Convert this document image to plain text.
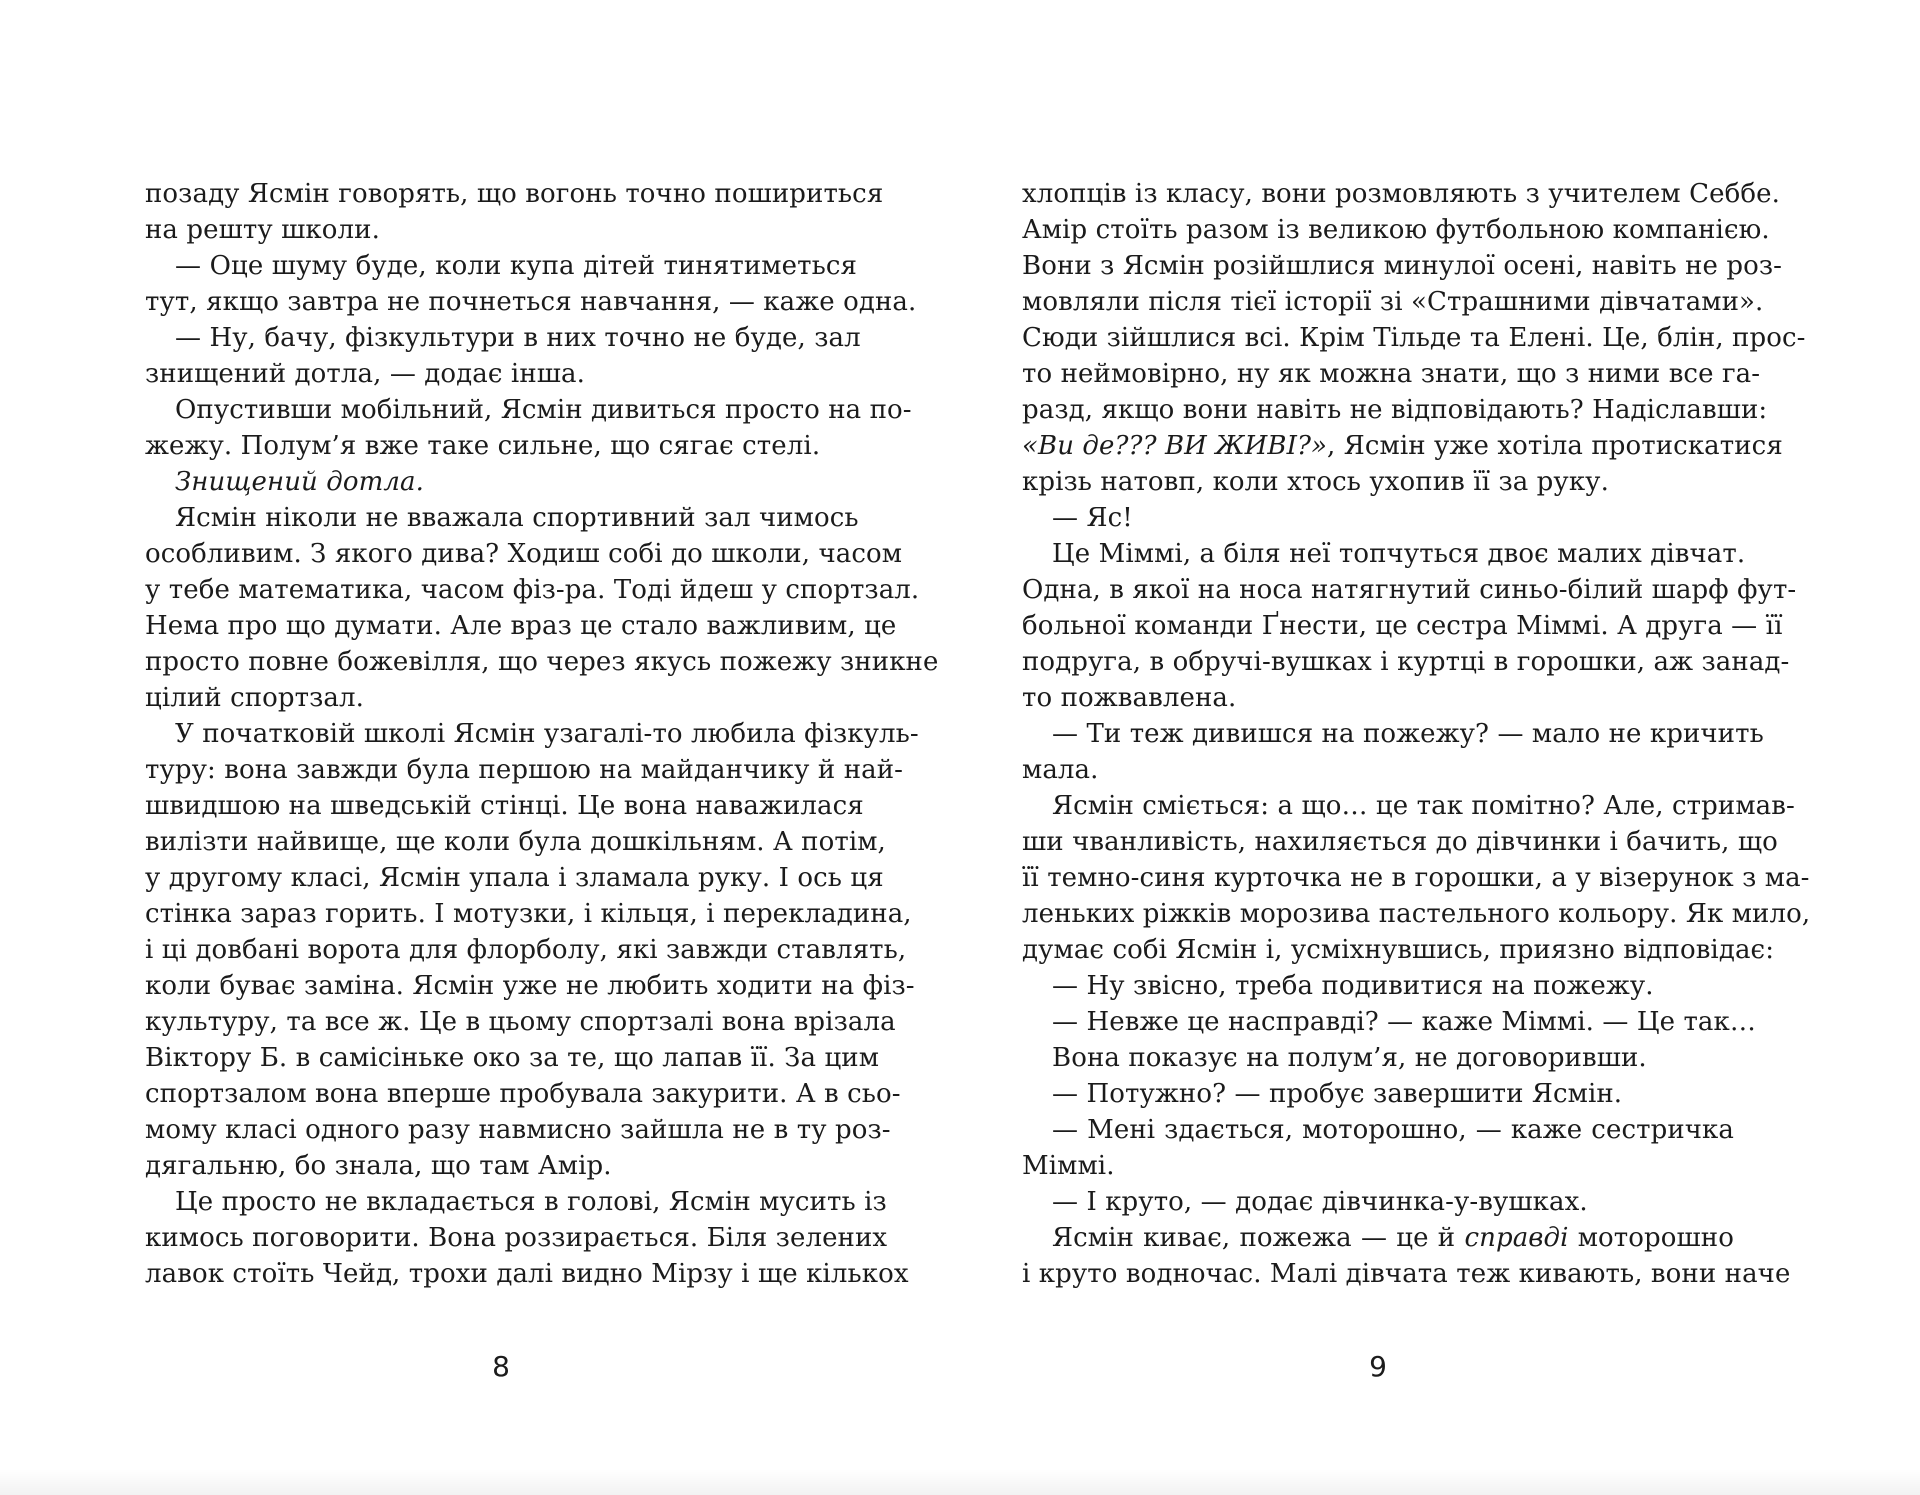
позаду Ясмін говорять, що вогонь точно пошириться
на решту школи.
— Оце шуму буде, коли купа дітей тинятиметься
тут, якщо завтра не почнеться навчання, — каже одна.
— Ну, бачу, фізкультури в них точно не буде, зал
знищений дотла, — додає інша.
Опустивши мобільний, Ясмін дивиться просто на по-
жежу. Полум’я вже таке сильне, що сягає стелі.
Знищений дотла.
Ясмін ніколи не вважала спортивний зал чимось
особливим. З якого дива? Ходиш собі до школи, часом
у тебе математика, часом фіз-ра. Тоді йдеш у спортзал.
Нема про що думати. Але враз це стало важливим, це
просто повне божевілля, що через якусь пожежу зникне
цілий спортзал.
У початковій школі Ясмін узагалі-то любила фізкуль-
туру: вона завжди була першою на майданчику й най-
швидшою на шведській стінці. Це вона наважилася
вилізти найвище, ще коли була дошкільням. А потім,
у другому класі, Ясмін упала і зламала руку. І ось ця
стінка зараз горить. І мотузки, і кільця, і перекладина,
і ці довбані ворота для флорболу, які завжди ставлять,
коли буває заміна. Ясмін уже не любить ходити на фіз-
культуру, та все ж. Це в цьому спортзалі вона врізала
Віктору Б. в самісіньке око за те, що лапав її. За цим
спортзалом вона вперше пробувала закурити. А в сьо-
мому класі одного разу навмисно зайшла не в ту роз-
дягальню, бо знала, що там Амір.
Це просто не вкладається в голові, Ясмін мусить із
кимось поговорити. Вона роззирається. Біля зелених
лавок стоїть Чейд, трохи далі видно Мірзу і ще кількох
8
хлопців із класу, вони розмовляють з учителем Себбе.
Амір стоїть разом із великою футбольною компанією.
Вони з Ясмін розійшлися минулої осені, навіть не роз-
мовляли після тієї історії зі «Страшними дівчатами».
Сюди зійшлися всі. Крім Тільде та Елені. Це, блін, прос-
то неймовірно, ну як можна знати, що з ними все га-
разд, якщо вони навіть не відповідають? Надіславши:
«Ви де??? ВИ ЖИВІ?», Ясмін уже хотіла протискатися
крізь натовп, коли хтось ухопив її за руку.
— Яс!
Це Міммі, а біля неї топчуться двоє малих дівчат.
Одна, в якої на носа натягнутий синьо-білий шарф фут-
больної команди Ґнести, це сестра Міммі. А друга — її
подруга, в обручі-вушках і куртці в горошки, аж занад-
то пожвавлена.
— Ти теж дивишся на пожежу? — мало не кричить
мала.
Ясмін сміється: а що… це так помітно? Але, стримав-
ши чванливість, нахиляється до дівчинки і бачить, що
її темно-синя курточка не в горошки, а у візерунок з ма-
леньких ріжків морозива пастельного кольору. Як мило,
думає собі Ясмін і, усміхнувшись, приязно відповідає:
— Ну звісно, треба подивитися на пожежу.
— Невже це насправді? — каже Міммі. — Це так…
Вона показує на полум’я, не договоривши.
— Потужно? — пробує завершити Ясмін.
— Мені здається, моторошно, — каже сестричка
Міммі.
— І круто, — додає дівчинка-у-вушках.
Ясмін киває, пожежа — це й справді моторошно
і круто водночас. Малі дівчата теж кивають, вони наче
9
